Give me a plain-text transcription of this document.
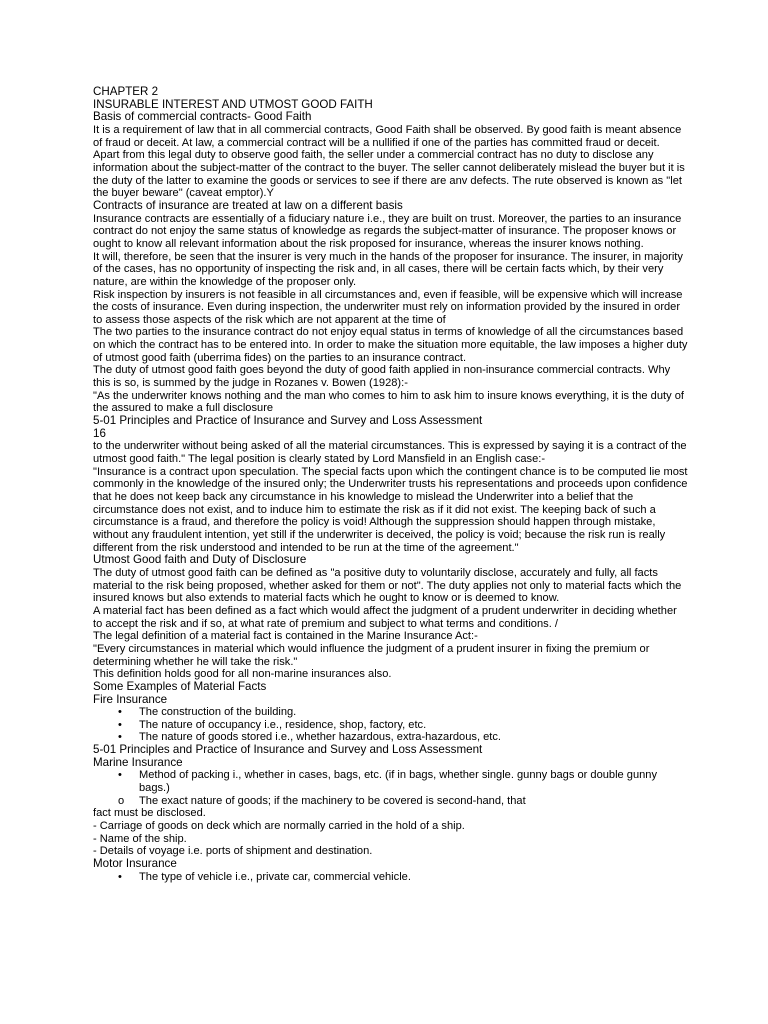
CHAPTER 2
INSURABLE INTEREST AND UTMOST GOOD FAITH
Basis of commercial contracts- Good Faith
It is a requirement of law that in all commercial contracts, Good Faith shall be observed. By good faith is meant absence of fraud or deceit. At law, a commercial contract will be a nullified if one of the parties has committed fraud or deceit.
Apart from this legal duty to observe good faith, the seller under a commercial contract has no duty to disclose any information about the subject-matter of the contract to the buyer. The seller cannot deliberately mislead the buyer but it is the duty of the latter to examine the goods or services to see if there are anv defects. The rute observed is known as "let the buyer beware" (caveat emptor).Y
Contracts of insurance are treated at law on a different basis
Insurance contracts are essentially of a fiduciary nature i.e., they are built on trust. Moreover, the parties to an insurance contract do not enjoy the same status of knowledge as regards the subject-matter of insurance. The proposer knows or ought to know all relevant information about the risk proposed for insurance, whereas the insurer knows nothing.
It will, therefore, be seen that the insurer is very much in the hands of the proposer for insurance. The insurer, in majority of the cases, has no opportunity of inspecting the risk and, in all cases, there will be certain facts which, by their very nature, are within the knowledge of the proposer only.
Risk inspection by insurers is not feasible in all circumstances and, even if feasible, will be expensive which will increase the costs of insurance. Even during inspection, the underwriter must rely on information provided by the insured in order to assess those aspects of the risk which are not apparent at the time of
The two parties to the insurance contract do not enjoy equal status in terms of knowledge of all the circumstances based on which the contract has to be entered into. In order to make the situation more equitable, the law imposes a higher duty of utmost good faith (uberrima fides) on the parties to an insurance contract.
The duty of utmost good faith goes beyond the duty of good faith applied in non-insurance commercial contracts. Why this is so, is summed by the judge in Rozanes v. Bowen (1928):-
"As the underwriter knows nothing and the man who comes to him to ask him to insure knows everything, it is the duty of the assured to make a full disclosure
5-01 Principles and Practice of Insurance and Survey and Loss Assessment
16
to the underwriter without being asked of all the material circumstances. This is expressed by saying it is a contract of the utmost good faith." The legal position is clearly stated by Lord Mansfield in an English case:-
"Insurance is a contract upon speculation. The special facts upon which the contingent chance is to be computed lie most commonly in the knowledge of the insured only; the Underwriter trusts his representations and proceeds upon confidence that he does not keep back any circumstance in his knowledge to mislead the Underwriter into a belief that the circumstance does not exist, and to induce him to estimate the risk as if it did not exist. The keeping back of such a circumstance is a fraud, and therefore the policy is void! Although the suppression should happen through mistake, without any fraudulent intention, yet still if the underwriter is deceived, the policy is void; because the risk run is really different from the risk understood and intended to be run at the time of the agreement."
Utmost Good faith and Duty of Disclosure
The duty of utmost good faith can be defined as "a positive duty to voluntarily disclose, accurately and fully, all facts material to the risk being proposed, whether asked for them or not". The duty applies not only to material facts which the insured knows but also extends to material facts which he ought to know or is deemed to know.
A material fact has been defined as a fact which would affect the judgment of a prudent underwriter in deciding whether to accept the risk and if so, at what rate of premium and subject to what terms and conditions. /
The legal definition of a material fact is contained in the Marine Insurance Act:-
"Every circumstances in material which would influence the judgment of a prudent insurer in fixing the premium or determining whether he will take the risk."
This definition holds good for all non-marine insurances also.
Some Examples of Material Facts
Fire Insurance
• The construction of the building.
• The nature of occupancy i.e., residence, shop, factory, etc.
• The nature of goods stored i.e., whether hazardous, extra-hazardous, etc.
5-01 Principles and Practice of Insurance and Survey and Loss Assessment
Marine Insurance
• Method of packing i., whether in cases, bags, etc. (if in bags, whether single. gunny bags or double gunny bags.)
o The exact nature of goods; if the machinery to be covered is second-hand, that
fact must be disclosed.
- Carriage of goods on deck which are normally carried in the hold of a ship.
- Name of the ship.
- Details of voyage i.e. ports of shipment and destination.
Motor Insurance
• The type of vehicle i.e., private car, commercial vehicle.
